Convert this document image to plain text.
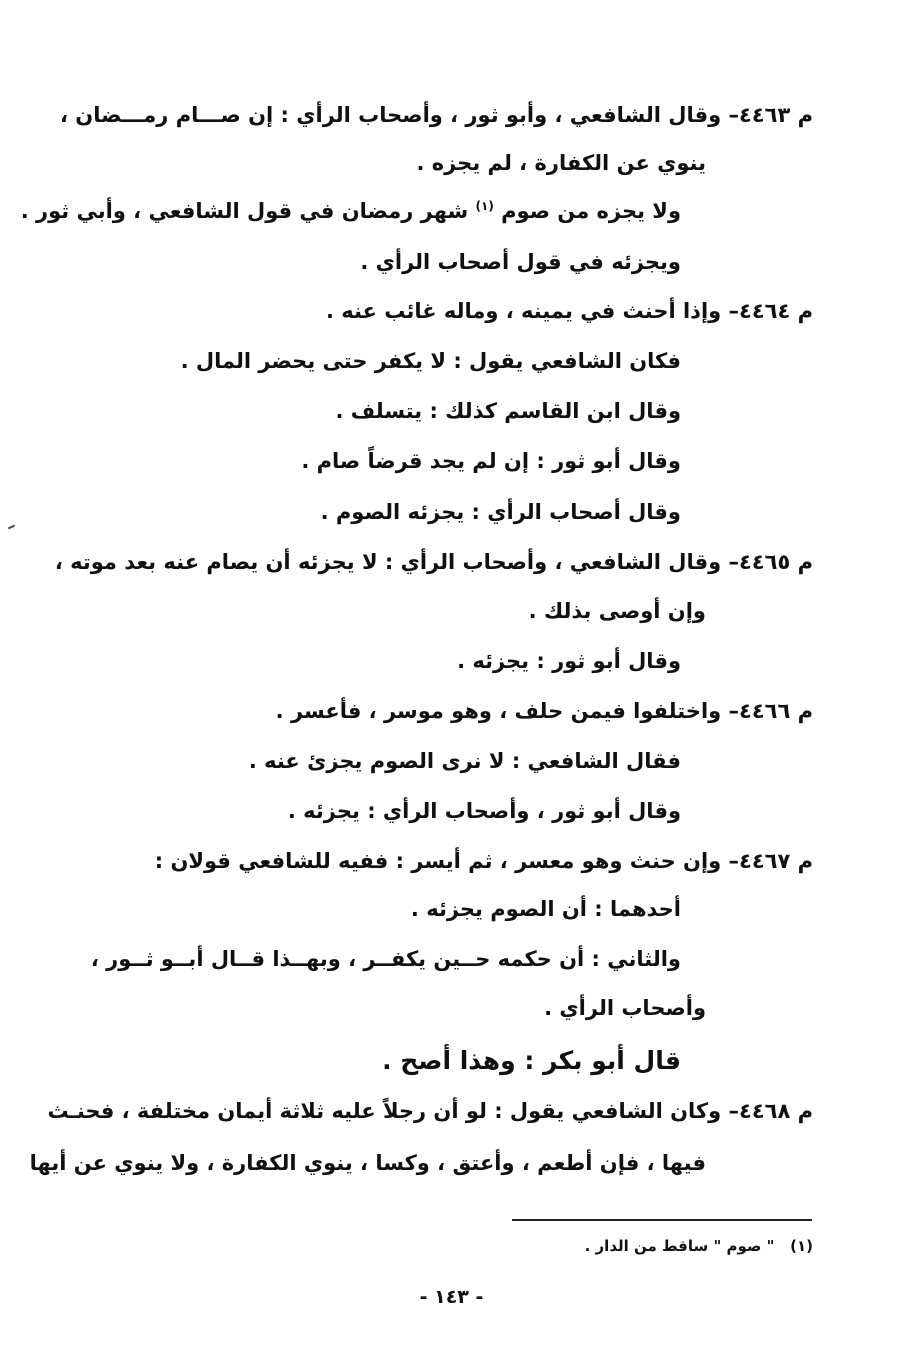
م ٤٤٦٣– وقال الشافعي ، وأبو ثور ، وأصحاب الرأي : إن صـــام رمـــضان ،
ينوي عن الكفارة ، لم يجزه .
ولا يجزه من صوم $^{(١)}$ شهر رمضان في قول الشافعي ، وأبي ثور .
ويجزئه في قول أصحاب الرأي .
م ٤٤٦٤– وإذا أحنث في يمينه ، وماله غائب عنه .
فكان الشافعي يقول : لا يكفر حتى يحضر المال .
وقال ابن القاسم كذلك : يتسلف .
وقال أبو ثور : إن لم يجد قرضاً صام .
وقال أصحاب الرأي : يجزئه الصوم .
م ٤٤٦٥– وقال الشافعي ، وأصحاب الرأي : لا يجزئه أن يصام عنه بعد موته ،
وإن أوصى بذلك .
وقال أبو ثور : يجزئه .
م ٤٤٦٦– واختلفوا فيمن حلف ، وهو موسر ، فأعسر .
فقال الشافعي : لا نرى الصوم يجزئ عنه .
وقال أبو ثور ، وأصحاب الرأي : يجزئه .
م ٤٤٦٧– وإن حنث وهو معسر ، ثم أيسر : ففيه للشافعي قولان :
أحدهما : أن الصوم يجزئه .
والثاني : أن حكمه حــين يكفــر ، وبهــذا قــال أبــو ثــور ،
وأصحاب الرأي .
قال أبو بكر : وهذا أصح .
م ٤٤٦٨– وكان الشافعي يقول : لو أن رجلاً عليه ثلاثة أيمان مختلفة ، فحنـث
فيها ، فإن أطعم ، وأعتق ، وكسا ، ينوي الكفارة ، ولا ينوي عن أيها
(١)   " صوم " ساقط من الدار .
- ١٤٣ -
